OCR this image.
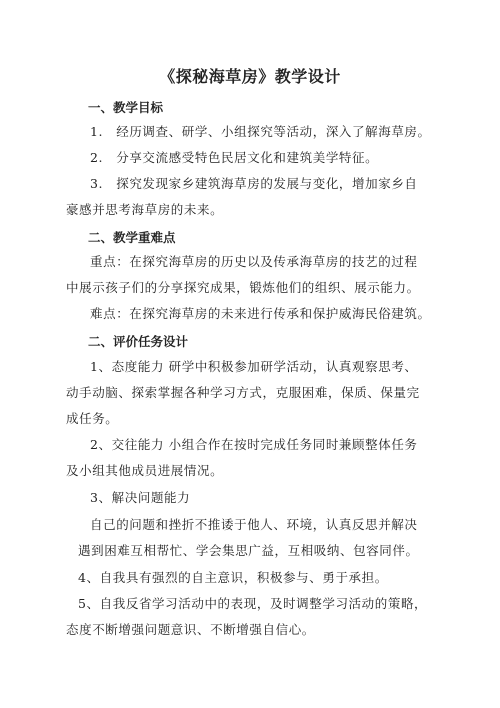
《探秘海草房》教学设计
一、教学目标
1.　经历调查、研学、小组探究等活动，深入了解海草房。
2.　分享交流感受特色民居文化和建筑美学特征。
3.　探究发现家乡建筑海草房的发展与变化，增加家乡自
豪感并思考海草房的未来。
二、教学重难点
重点：在探究海草房的历史以及传承海草房的技艺的过程
中展示孩子们的分享探究成果，锻炼他们的组织、展示能力。
难点：在探究海草房的未来进行传承和保护威海民俗建筑。
二、评价任务设计
1、态度能力 研学中积极参加研学活动，认真观察思考、
动手动脑、探索掌握各种学习方式，克服困难，保质、保量完
成任务。
2、交往能力 小组合作在按时完成任务同时兼顾整体任务
及小组其他成员进展情况。
3、解决问题能力
自己的问题和挫折不推诿于他人、环境，认真反思并解决
遇到困难互相帮忙、学会集思广益，互相吸纳、包容同伴。
4、自我具有强烈的自主意识，积极参与、勇于承担。
5、自我反省学习活动中的表现，及时调整学习活动的策略，
态度不断增强问题意识、不断增强自信心。
